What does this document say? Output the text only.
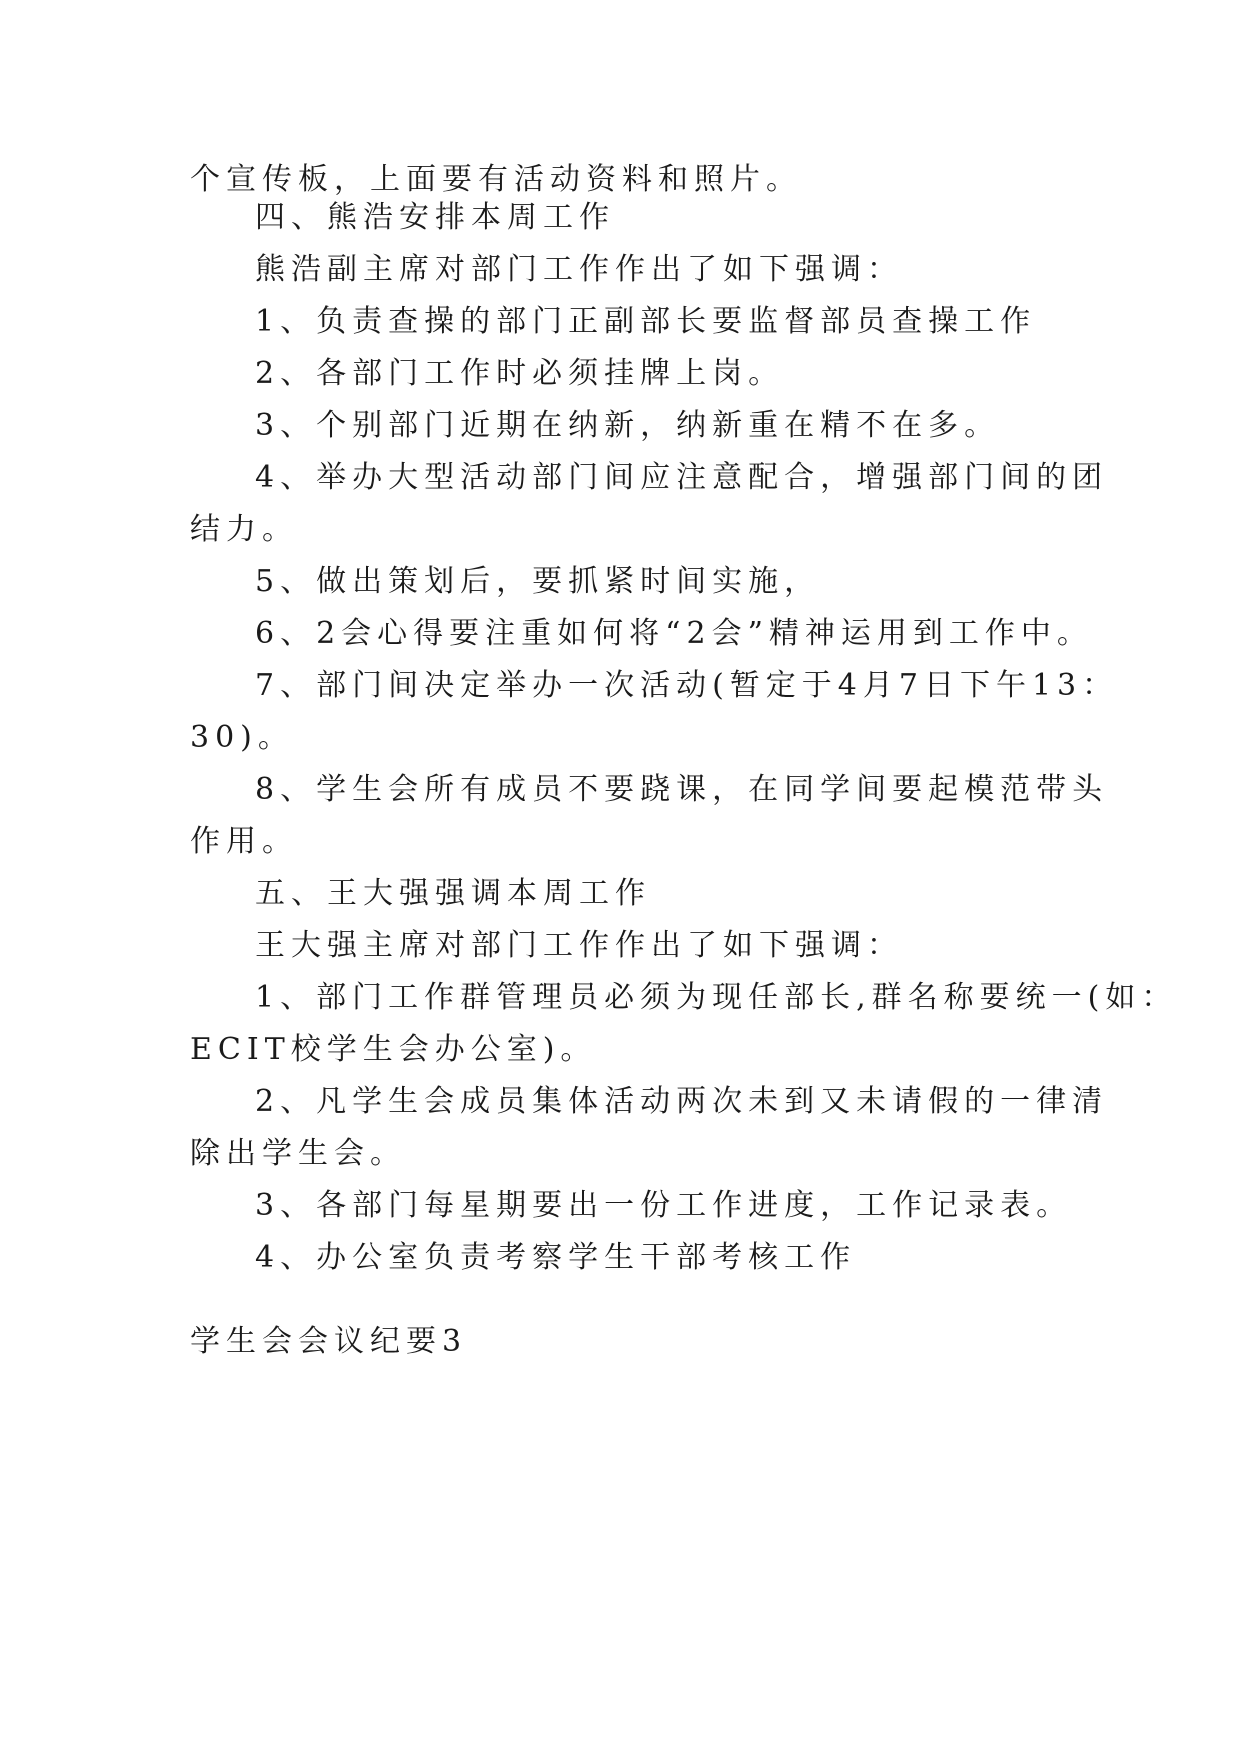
个宣传板，上面要有活动资料和照片。
四、熊浩安排本周工作
熊浩副主席对部门工作作出了如下强调：
1、负责查操的部门正副部长要监督部员查操工作
2、各部门工作时必须挂牌上岗。
3、个别部门近期在纳新，纳新重在精不在多。
4、举办大型活动部门间应注意配合，增强部门间的团
结力。
5、做出策划后，要抓紧时间实施，
6、2会心得要注重如何将“2会”精神运用到工作中。
7、部门间决定举办一次活动(暂定于4月7日下午13：
30)。
8、学生会所有成员不要跷课，在同学间要起模范带头
作用。
五、王大强强调本周工作
王大强主席对部门工作作出了如下强调：
1、部门工作群管理员必须为现任部长,群名称要统一(如：
ECIT校学生会办公室)。
2、凡学生会成员集体活动两次未到又未请假的一律清
除出学生会。
3、各部门每星期要出一份工作进度，工作记录表。
4、办公室负责考察学生干部考核工作
学生会会议纪要3
